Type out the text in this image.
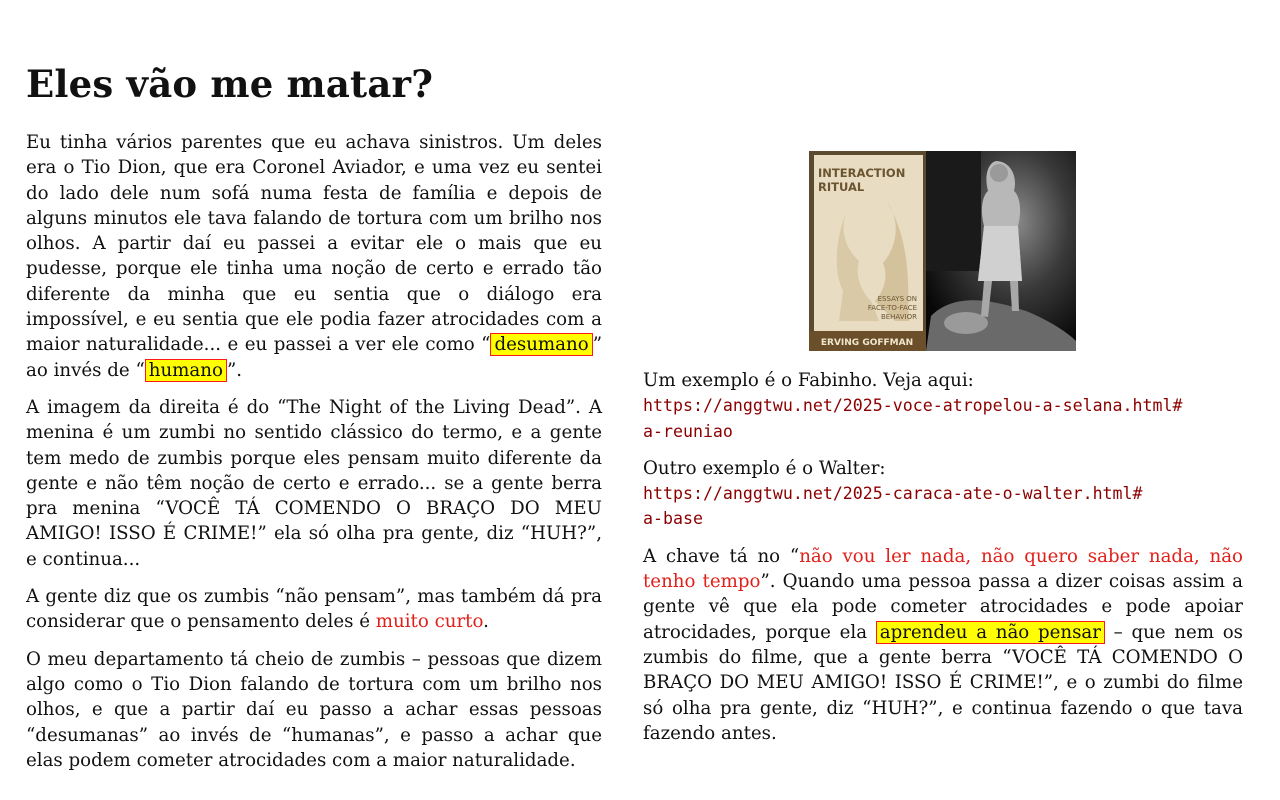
Eles vão me matar?

Eu tinha vários parentes que eu achava sinistros. Um deles era o Tio Dion, que era Coronel Aviador, e uma vez eu sentei do lado dele num sofá numa festa de família e depois de alguns minutos ele tava falando de tortura com um brilho nos olhos. A partir daí eu passei a evitar ele o mais que eu pudesse, porque ele tinha uma noção de certo e errado tão diferente da minha que eu sentia que o diálogo era impossível, e eu sentia que ele podia fazer atrocidades com a maior naturalidade... e eu passei a ver ele como “ desumano ” ao invés de “ humano ”.

A imagem da direita é do “The Night of the Living Dead”. A menina é um zumbi no sentido clássico do termo, e a gente tem medo de zumbis porque eles pensam muito diferente da gente e não têm noção de certo e errado... se a gente berra pra menina “VOCÊ TÁ COMENDO O BRAÇO DO MEU AMIGO! ISSO É CRIME!” ela só olha pra gente, diz “HUH?”, e continua...

A gente diz que os zumbis “não pensam”, mas também dá pra considerar que o pensamento deles é muito curto.

O meu departamento tá cheio de zumbis – pessoas que dizem algo como o Tio Dion falando de tortura com um brilho nos olhos, e que a partir daí eu passo a achar essas pessoas “desumanas” ao invés de “humanas”, e passo a achar que elas podem cometer atrocidades com a maior naturalidade.

INTERACTION
RITUAL
ESSAYS ON
FACE-TO-FACE
BEHAVIOR
ERVING GOFFMAN

Um exemplo é o Fabinho. Veja aqui:
https://anggtwu.net/2025-voce-atropelou-a-selana.html#
a-reuniao

Outro exemplo é o Walter:
https://anggtwu.net/2025-caraca-ate-o-walter.html#
a-base

A chave tá no “não vou ler nada, não quero saber nada, não tenho tempo”. Quando uma pessoa passa a dizer coisas assim a gente vê que ela pode cometer atrocidades e pode apoiar atrocidades, porque ela aprendeu a não pensar – que nem os zumbis do filme, que a gente berra “VOCÊ TÁ COMENDO O BRAÇO DO MEU AMIGO! ISSO É CRIME!”, e o zumbi do filme só olha pra gente, diz “HUH?”, e continua fazendo o que tava fazendo antes.
